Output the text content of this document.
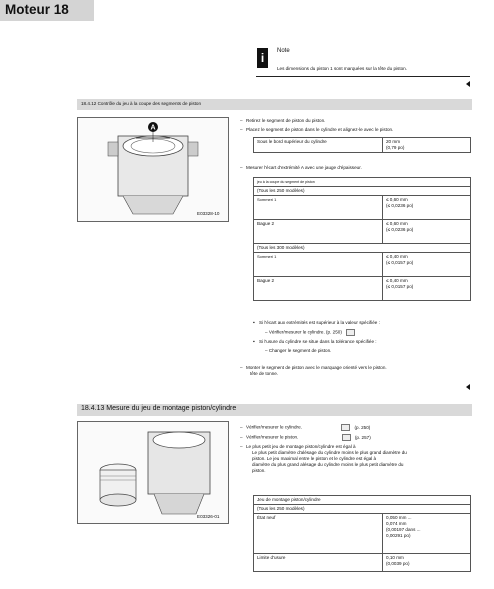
Moteur 18
i	Note
Les dimensions du piston 1 sont marquées sur la tête du piston.
18.4.12 Contrôle du jeu à la coupe des segments de piston
A
E03328-10
– Retirez le segment de piston du piston.
– Placez le segment de piston dans le cylindre et alignez-le avec le piston.
Sous le bord supérieur du cylindre	20 mm
(0,79 po)
– Mesurer l'écart d'extrémité A avec une jauge d'épaisseur.
jeu à la coupe du segment de piston	
(Tous les 250 modèles)	
Sommeri 1	≤ 0,60 mm
(≤ 0,0236 po)

Bague 2	≤ 0,60 mm
(≤ 0,0236 po)

(Tous les 300 modèles)	
Sommeri 1	≤ 0,40 mm
(≤ 0,0157 po)

Bague 2	≤ 0,40 mm
(≤ 0,0157 po)
▪ Si l'écart aux extrémités est supérieur à la valeur spécifiée :
– Vérifier/mesurer le cylindre. (p. 250)
▪ Si l'usure du cylindre se situe dans la tolérance spécifiée :
– Changer le segment de piston.
– Monter le segment de piston avec le marquage orienté vers le piston.
tête de tonne.
18.4.13 Mesure du jeu de montage piston/cylindre
E03326-01
– Vérifier/mesurer le cylindre.	(p. 250)
– Vérifier/mesurer le piston.	(p. 257)
– Le plus petit jeu de montage piston/cylindre est égal à
Le plus petit diamètre d'alésage du cylindre moins le plus grand diamètre du
piston. Le jeu maximal entre le piston et le cylindre est égal à
diamètre du plus grand alésage du cylindre moins le plus petit diamètre du
piston.
Jeu de montage piston/cylindre	
(Tous les 250 modèles)	
État neuf	0,050 mm ...
0,074 mm
(0,00197 dans ...
0,00291 po)

Limite d'usure	0,10 mm
(0,0039 po)
